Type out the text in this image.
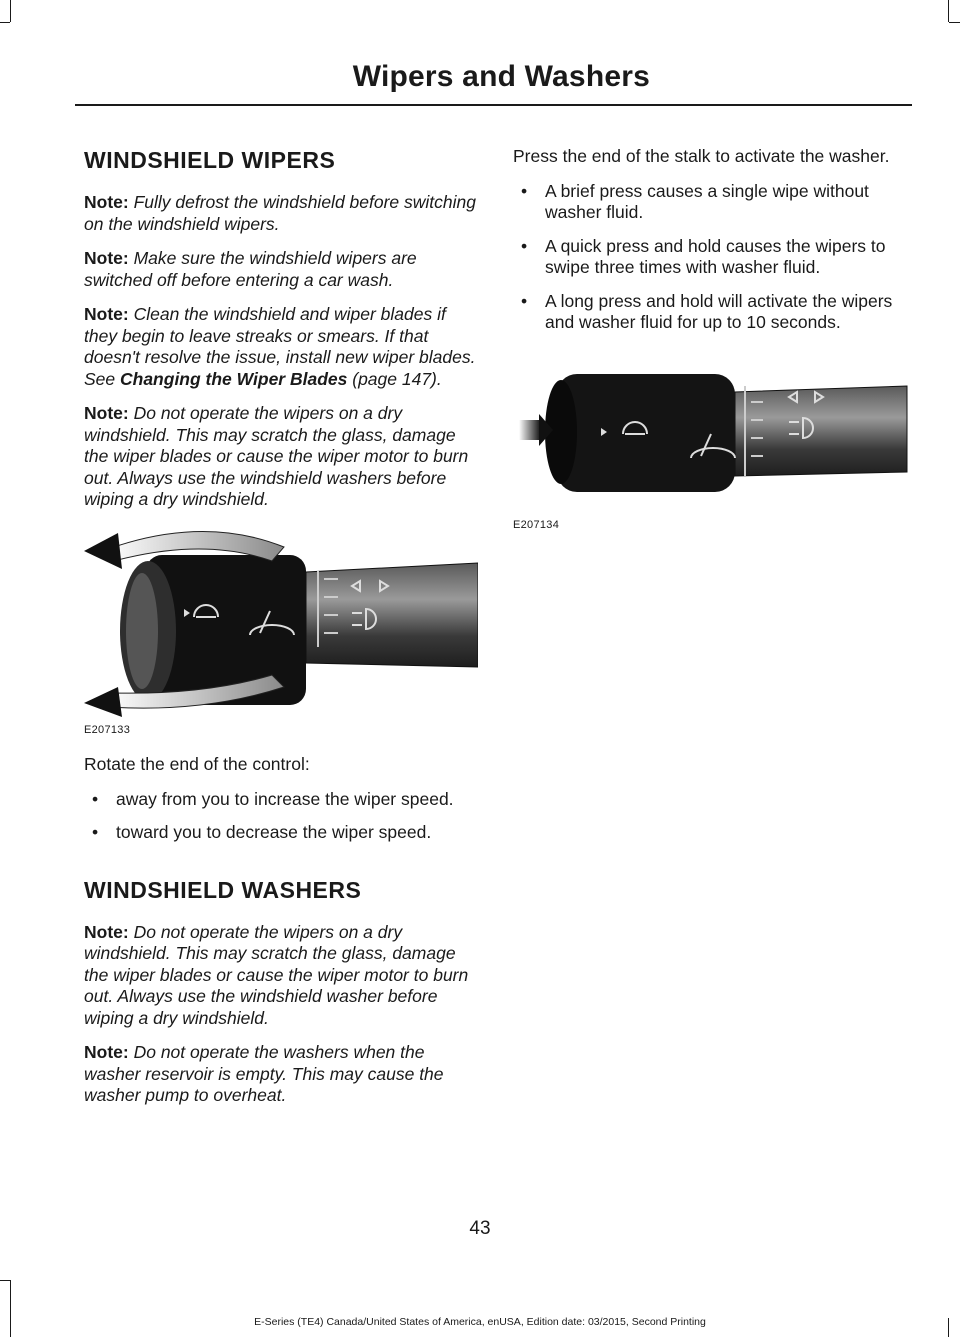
Wipers and Washers
WINDSHIELD WIPERS

Note: Fully defrost the windshield before switching on the windshield wipers.

Note: Make sure the windshield wipers are switched off before entering a car wash.

Note: Clean the windshield and wiper blades if they begin to leave streaks or smears. If that doesn't resolve the issue, install new wiper blades. See Changing the Wiper Blades (page 147).

Note: Do not operate the wipers on a dry windshield. This may scratch the glass, damage the wiper blades or cause the wiper motor to burn out. Always use the windshield washers before wiping a dry windshield.

E207133

Rotate the end of the control:

• away from you to increase the wiper speed.
• toward you to decrease the wiper speed.
WINDSHIELD WASHERS

Note: Do not operate the wipers on a dry windshield. This may scratch the glass, damage the wiper blades or cause the wiper motor to burn out. Always use the windshield washer before wiping a dry windshield.

Note: Do not operate the washers when the washer reservoir is empty. This may cause the washer pump to overheat.

Press the end of the stalk to activate the washer.

• A brief press causes a single wipe without washer fluid.
• A quick press and hold causes the wipers to swipe three times with washer fluid.
• A long press and hold will activate the wipers and washer fluid for up to 10 seconds.
E207134
43
E-Series (TE4) Canada/United States of America, enUSA, Edition date: 03/2015, Second Printing
